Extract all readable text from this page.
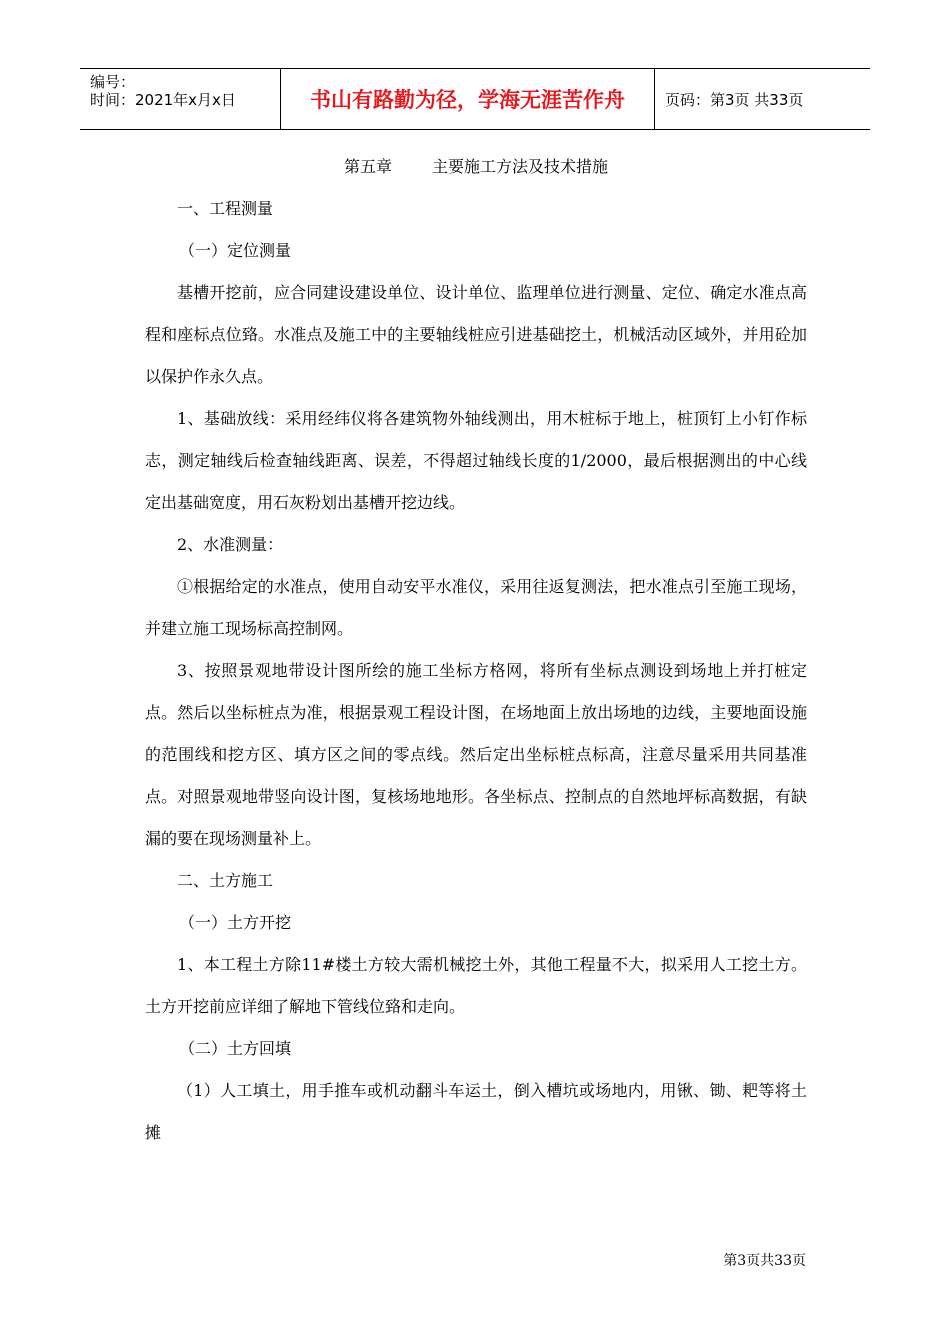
编号：
时间：2021年x月x日	书山有路勤为径，学海无涯苦作舟	页码：第3页 共33页
第五章	主要施工方法及技术措施
一、工程测量
（一）定位测量

基槽开挖前，应合同建设建设单位、设计单位、监理单位进行测量、定位、确定水准点高程和座标点位臵。水准点及施工中的主要轴线桩应引进基础挖土，机械活动区域外，并用砼加以保护作永久点。

1、基础放线：采用经纬仪将各建筑物外轴线测出，用木桩标于地上，桩顶钉上小钉作标志，测定轴线后检查轴线距离、误差，不得超过轴线长度的1/2000，最后根据测出的中心线定出基础宽度，用石灰粉划出基槽开挖边线。

2、水准测量：

①根据给定的水准点，使用自动安平水准仪，采用往返复测法，把水准点引至施工现场，并建立施工现场标高控制网。

3、按照景观地带设计图所绘的施工坐标方格网，将所有坐标点测设到场地上并打桩定点。然后以坐标桩点为准，根据景观工程设计图，在场地面上放出场地的边线，主要地面设施的范围线和挖方区、填方区之间的零点线。然后定出坐标桩点标高，注意尽量采用共同基准点。对照景观地带竖向设计图，复核场地地形。各坐标点、控制点的自然地坪标高数据，有缺漏的要在现场测量补上。

二、土方施工
（一）土方开挖

1、本工程土方除11#楼土方较大需机械挖土外，其他工程量不大，拟采用人工挖土方。土方开挖前应详细了解地下管线位臵和走向。

（二）土方回填

（1）人工填土，用手推车或机动翻斗车运土，倒入槽坑或场地内，用锹、锄、耙等将土摊

第3页共33页
